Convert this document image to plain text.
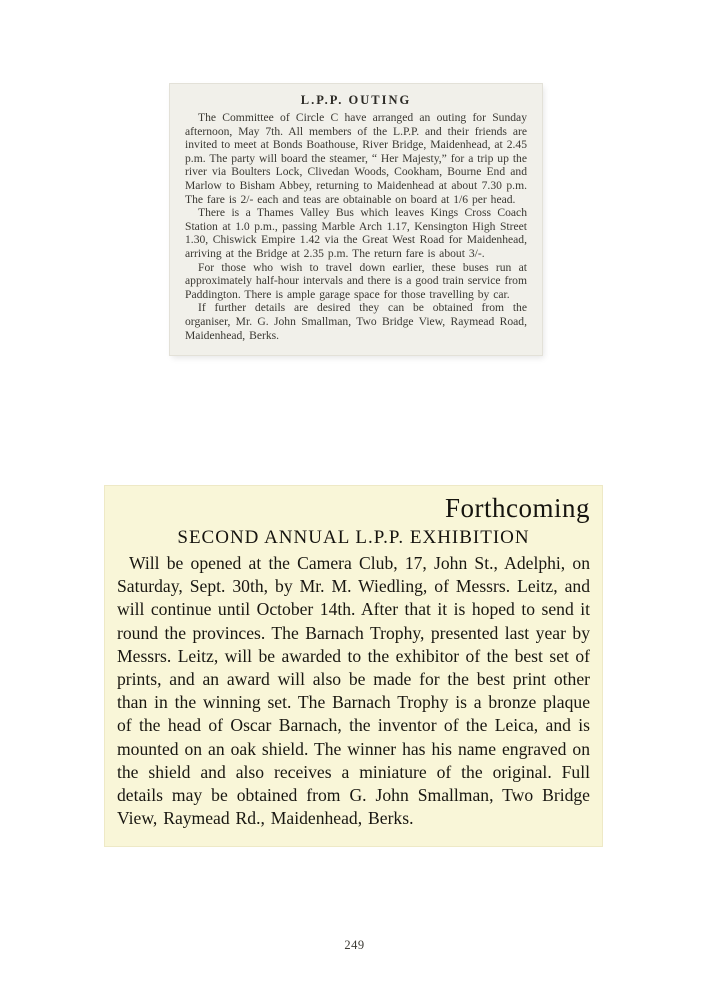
L.P.P. OUTING

The Committee of Circle C have arranged an outing for Sunday afternoon, May 7th. All members of the L.P.P. and their friends are invited to meet at Bonds Boathouse, River Bridge, Maidenhead, at 2.45 p.m. The party will board the steamer, “ Her Majesty,” for a trip up the river via Boulters Lock, Clivedan Woods, Cookham, Bourne End and Marlow to Bisham Abbey, returning to Maidenhead at about 7.30 p.m. The fare is 2/- each and teas are obtainable on board at 1/6 per head.

There is a Thames Valley Bus which leaves Kings Cross Coach Station at 1.0 p.m., passing Marble Arch 1.17, Kensington High Street 1.30, Chiswick Empire 1.42 via the Great West Road for Maidenhead, arriving at the Bridge at 2.35 p.m. The return fare is about 3/-.

For those who wish to travel down earlier, these buses run at approximately half-hour intervals and there is a good train service from Paddington. There is ample garage space for those travelling by car.

If further details are desired they can be obtained from the organiser, Mr. G. John Smallman, Two Bridge View, Raymead Road, Maidenhead, Berks.

Forthcoming
SECOND ANNUAL L.P.P. EXHIBITION
Will be opened at the Camera Club, 17, John St., Adelphi, on Saturday, Sept. 30th, by Mr. M. Wiedling, of Messrs. Leitz, and will continue until October 14th. After that it is hoped to send it round the provinces. The Barnach Trophy, presented last year by Messrs. Leitz, will be awarded to the exhibitor of the best set of prints, and an award will also be made for the best print other than in the winning set. The Barnach Trophy is a bronze plaque of the head of Oscar Barnach, the inventor of the Leica, and is mounted on an oak shield. The winner has his name engraved on the shield and also receives a miniature of the original. Full details may be obtained from G. John Smallman, Two Bridge View, Raymead Rd., Maidenhead, Berks.
249
